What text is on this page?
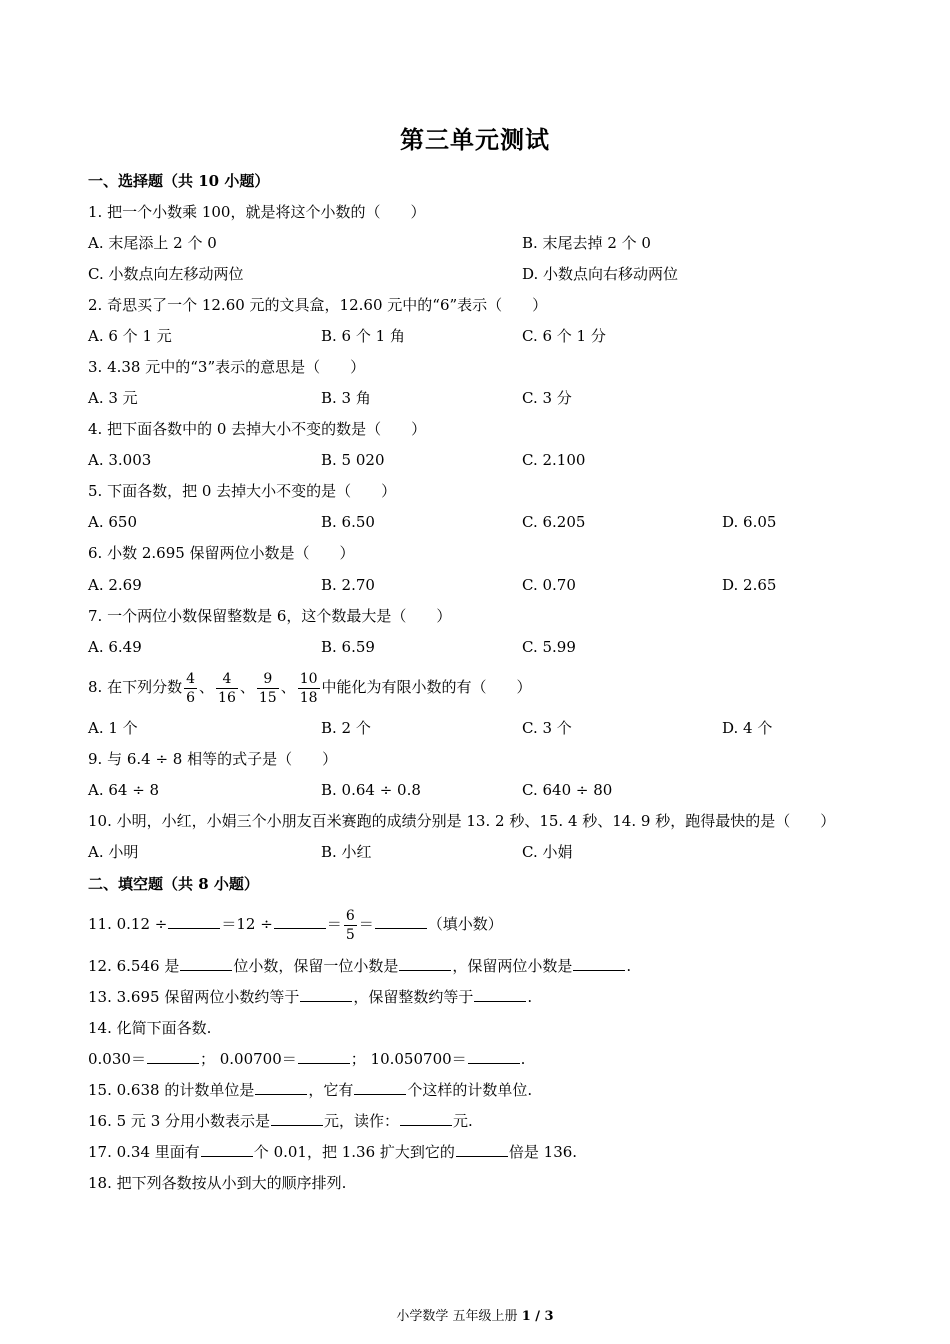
第三单元测试
一、选择题（共 10 小题）
1. 把一个小数乘 100，就是将这个小数的（　　）
A. 末尾添上 2 个 0	B. 末尾去掉 2 个 0
C. 小数点向左移动两位	D. 小数点向右移动两位
2. 奇思买了一个 12.60 元的文具盒，12.60 元中的“6”表示（　　）
A. 6 个 1 元	B. 6 个 1 角	C. 6 个 1 分
3. 4.38 元中的“3”表示的意思是（　　）
A. 3 元	B. 3 角	C. 3 分
4. 把下面各数中的 0 去掉大小不变的数是（　　）
A. 3.003	B. 5 020	C. 2.100
5. 下面各数，把 0 去掉大小不变的是（　　）
A. 650	B. 6.50	C. 6.205	D. 6.05
6. 小数 2.695 保留两位小数是（　　）
A. 2.69	B. 2.70	C. 0.70	D. 2.65
7. 一个两位小数保留整数是 6，这个数最大是（　　）
A. 6.49	B. 6.59	C. 5.99
8. 在下列分数 $\frac{4}{6}$ 、 $\frac{4}{16}$ 、 $\frac{9}{15}$ 、 $\frac{10}{18}$ 中能化为有限小数的有（　　）
A. 1 个	B. 2 个	C. 3 个	D. 4 个
9. 与 6.4 ÷ 8 相等的式子是（　　）
A. 64 ÷ 8	B. 0.64 ÷ 0.8	C. 640 ÷ 80
10. 小明，小红，小娟三个小朋友百米赛跑的成绩分别是 13. 2 秒、15. 4 秒、14. 9 秒，跑得最快的是（　　）
A. 小明	B. 小红	C. 小娟
二、填空题（共 8 小题）
11. 0.12 ÷	＝12 ÷	＝ $\frac{6}{5}$ ＝	（填小数）
12. 6.546 是	位小数，保留一位小数是	，保留两位小数是	.
13. 3.695 保留两位小数约等于	，保留整数约等于	.
14. 化简下面各数.
0.030＝	； 0.00700＝	； 10.050700＝	.
15. 0.638 的计数单位是	，它有	个这样的计数单位.
16. 5 元 3 分用小数表示是	元，读作：	元.
17. 0.34 里面有	个 0.01，把 1.36 扩大到它的	倍是 136.
18. 把下列各数按从小到大的顺序排列.
小学数学 五年级上册 1 / 3
